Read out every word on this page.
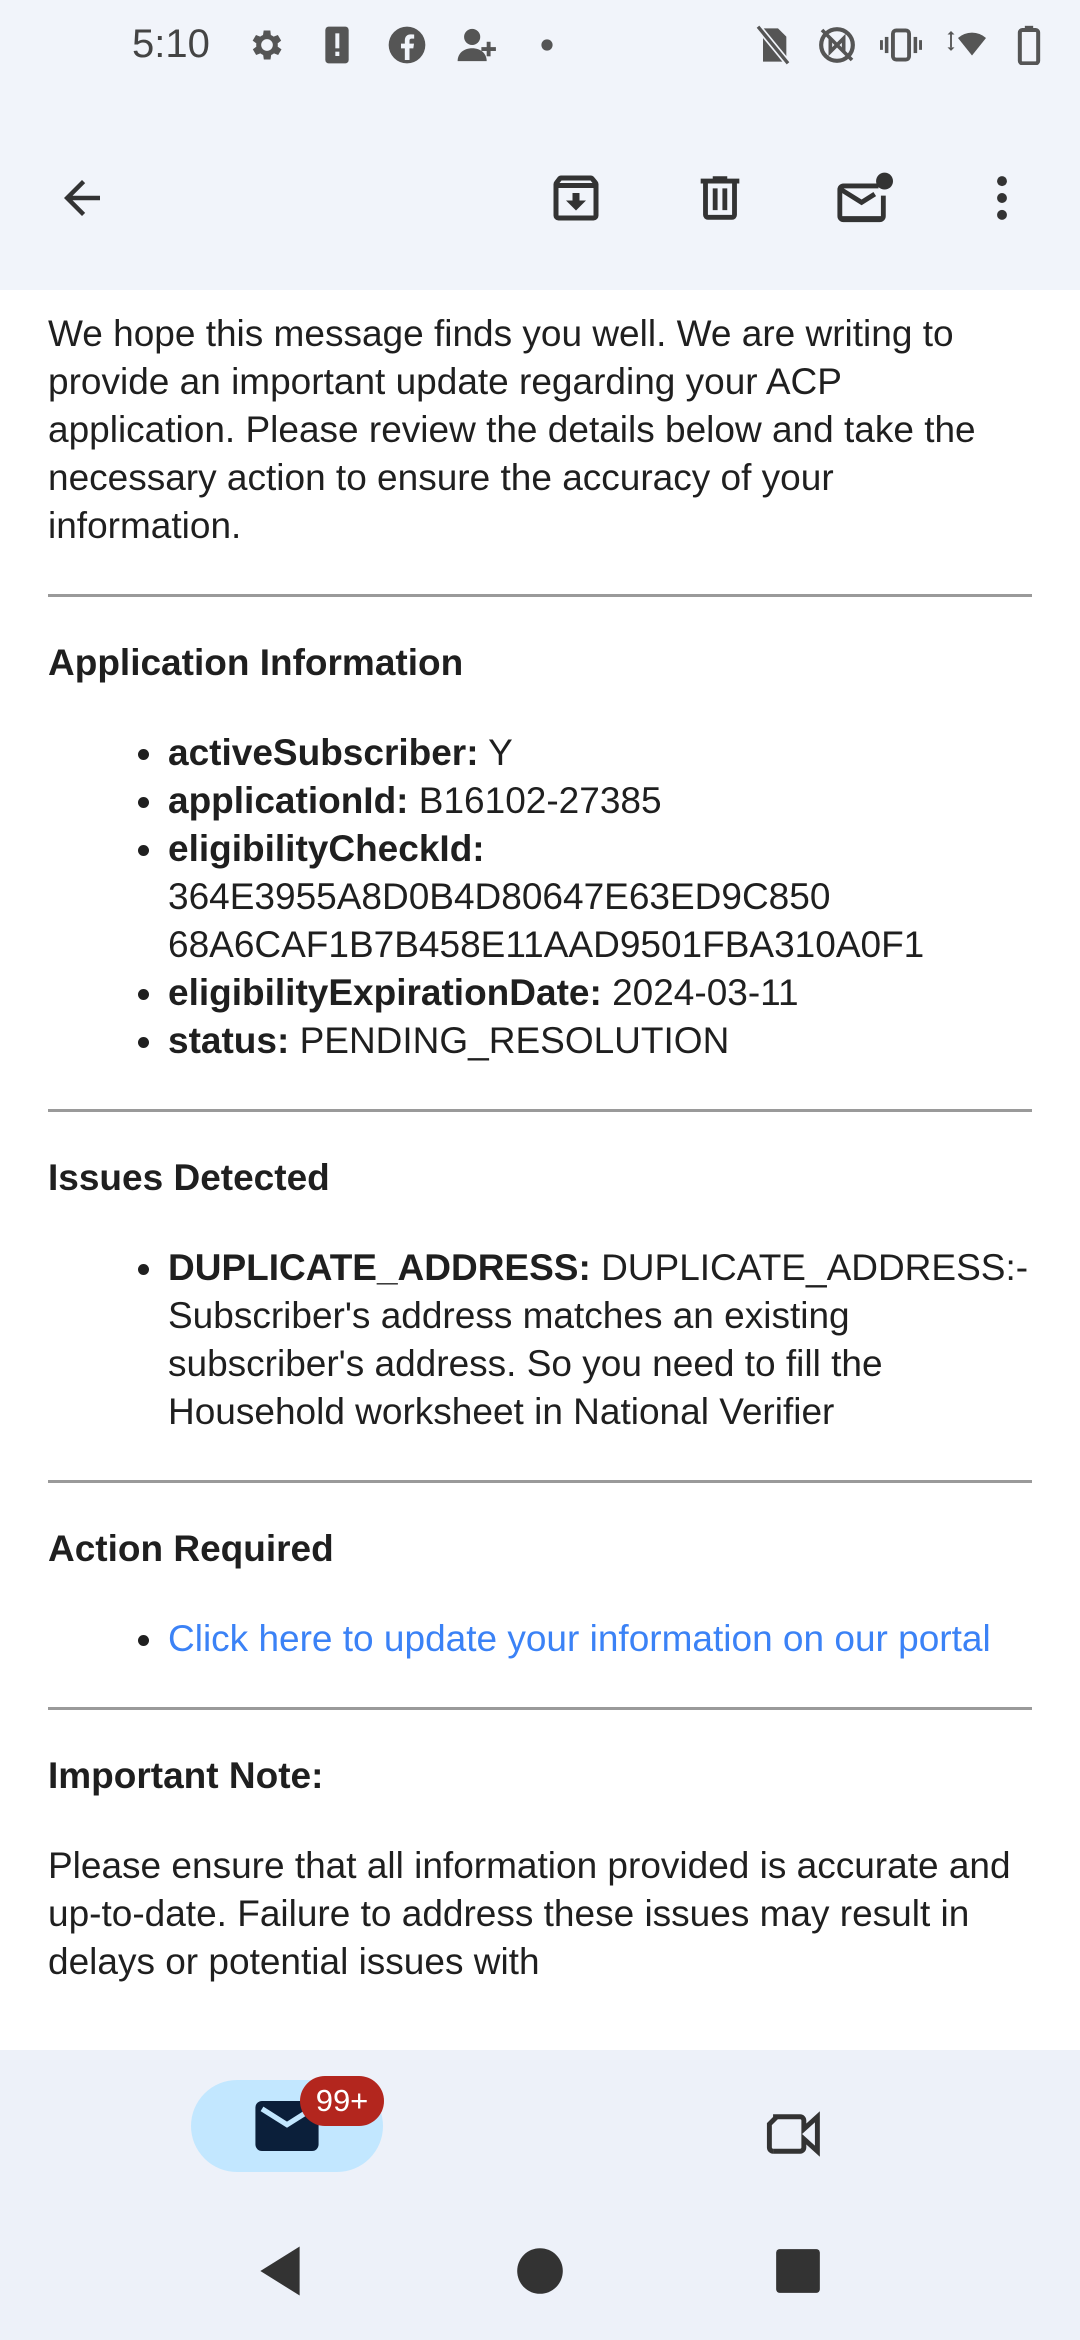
5:10

We hope this message finds you well. We are writing to provide an important update regarding your ACP application. Please review the details below and take the necessary action to ensure the accuracy of your information.

Application Information
activeSubscriber: Y
applicationId: B16102-27385
eligibilityCheckId: 364E3955A8D0B4D80647E63ED9C850 68A6CAF1B7B458E11AAD9501FBA310A0F1
eligibilityExpirationDate: 2024-03-11
status: PENDING_RESOLUTION
Issues Detected
DUPLICATE_ADDRESS: DUPLICATE_ADDRESS:- Subscriber's address matches an existing subscriber's address. So you need to fill the Household worksheet in National Verifier
Action Required
Click here to update your information on our portal
Important Note:

Please ensure that all information provided is accurate and up-to-date. Failure to address these issues may result in delays or potential issues with

99+
